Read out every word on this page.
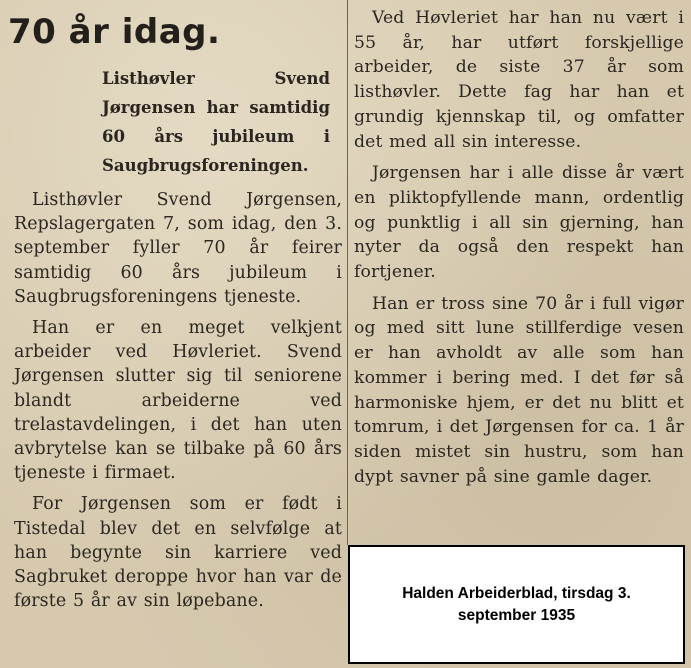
70 år idag.
Listhøvler Svend Jørgensen har samtidig 60 års jubileum i Saugbrugsforeningen.

Listhøvler Svend Jørgensen, Repslagergaten 7, som idag, den 3. september fyller 70 år feirer samtidig 60 års jubileum i Saugbrugsforeningens tjeneste.

Han er en meget velkjent arbeider ved Høvleriet. Svend Jørgensen slutter sig til seniorene blandt arbeiderne ved trelastavdelingen, i det han uten avbrytelse kan se tilbake på 60 års tjeneste i firmaet.

For Jørgensen som er født i Tistedal blev det en selvfølge at han begynte sin karriere ved Sagbruket deroppe hvor han var de første 5 år av sin løpebane.

Ved Høvleriet har han nu vært i 55 år, har utført forskjellige arbeider, de siste 37 år som listhøvler. Dette fag har han et grundig kjennskap til, og omfatter det med all sin interesse.

Jørgensen har i alle disse år vært en pliktopfyllende mann, ordentlig og punktlig i all sin gjerning, han nyter da også den respekt han fortjener.

Han er tross sine 70 år i full vigør og med sitt lune stillferdige vesen er han avholdt av alle som han kommer i bering med. I det før så harmoniske hjem, er det nu blitt et tomrum, i det Jørgensen for ca. 1 år siden mistet sin hustru, som han dypt savner på sine gamle dager.

Halden Arbeiderblad, tirsdag 3. september 1935
